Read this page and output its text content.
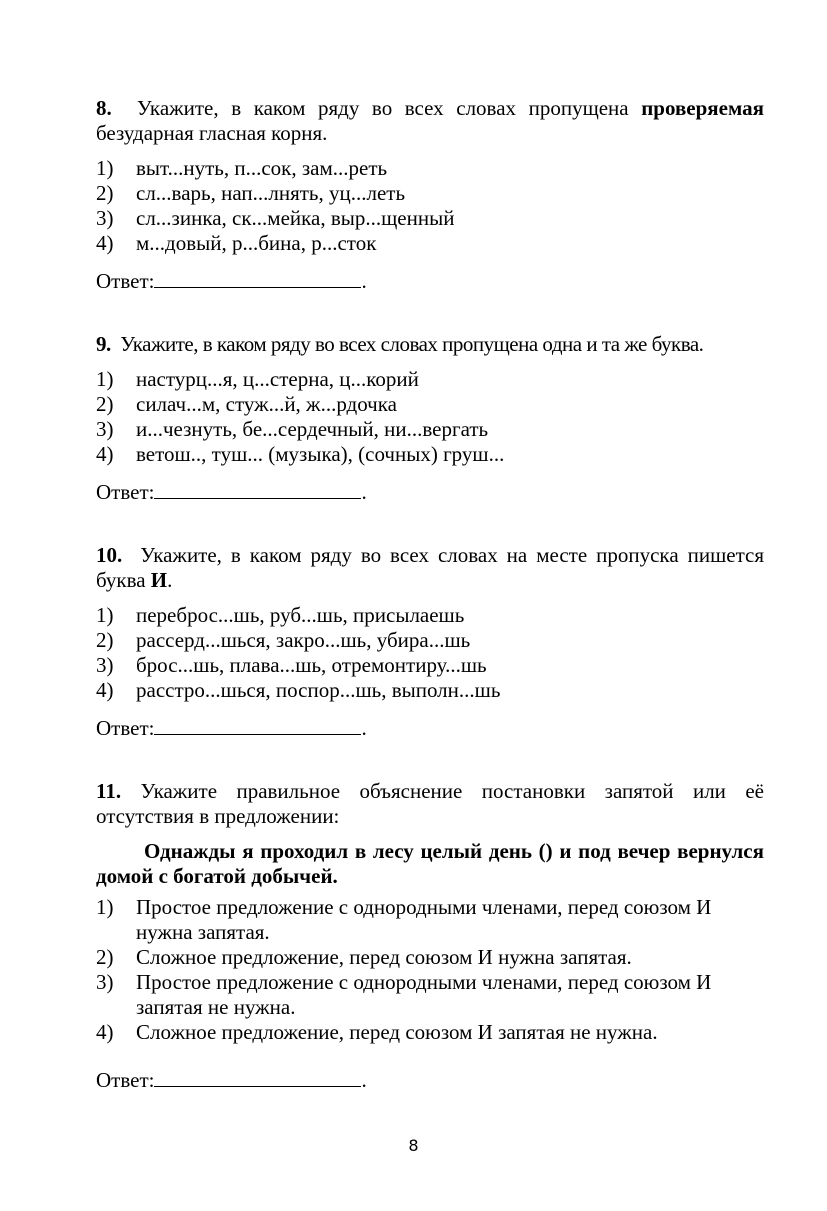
8. Укажите, в каком ряду во всех словах пропущена проверяемая безударная гласная корня.

1)	выт...нуть, п...сок, зам...реть
2)	сл...варь, нап...лнять, уц...леть
3)	сл...зинка, ск...мейка, выр...щенный
4)	м...довый, р...бина, р...сток

Ответ:	.

9. Укажите, в каком ряду во всех словах пропущена одна и та же буква.

1)	настурц...я, ц...стерна, ц...корий
2)	силач...м, стуж...й, ж...рдочка
3)	и...чезнуть, бе...сердечный, ни...вергать
4)	ветош.., туш... (музыка), (сочных) груш...

Ответ:	.

10. Укажите, в каком ряду во всех словах на месте пропуска пишется буква И.

1)	переброс...шь, руб...шь, присылаешь
2)	рассерд...шься, закро...шь, убира...шь
3)	брос...шь, плава...шь, отремонтиру...шь
4)	расстро...шься, поспор...шь, выполн...шь

Ответ:	.

11. Укажите правильное объяснение постановки запятой или её отсутствия в предложении:

Однажды я проходил в лесу целый день () и под вечер вернулся домой с богатой добычей.

1)	Простое предложение с однородными членами, перед союзом И нужна запятая.
2)	Сложное предложение, перед союзом И нужна запятая.
3)	Простое предложение с однородными членами, перед союзом И запятая не нужна.
4)	Сложное предложение, перед союзом И запятая не нужна.

Ответ:	.

8
